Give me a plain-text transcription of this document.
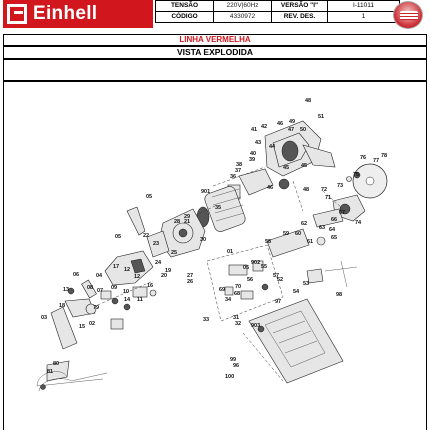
Einhell	TENSÃO	220V|60Hz	VERSÃO "I"	I-11011
CÓDIGO	4330972	REV. DES.	1
LINHA VERMELHA
VISTA EXPLODIDA
48
51
42
41
46
47
49
50
44
43
40
39
38
37	45
36
45
46	48
76 77
78
75
73
74
72
71
901
35
05
21
29
30
28
27
26
19
20
17
22
23
25
24
05
12
06	12
14
13
04
08 07 09
10
11
16
15
18
03
02
01
05
902
55
56
57
58
59 60
61
62
63 64
65
66
67
68
69 70
34
33	31
32
52
53
54
97
98
99
96
100
80
81
903
79
